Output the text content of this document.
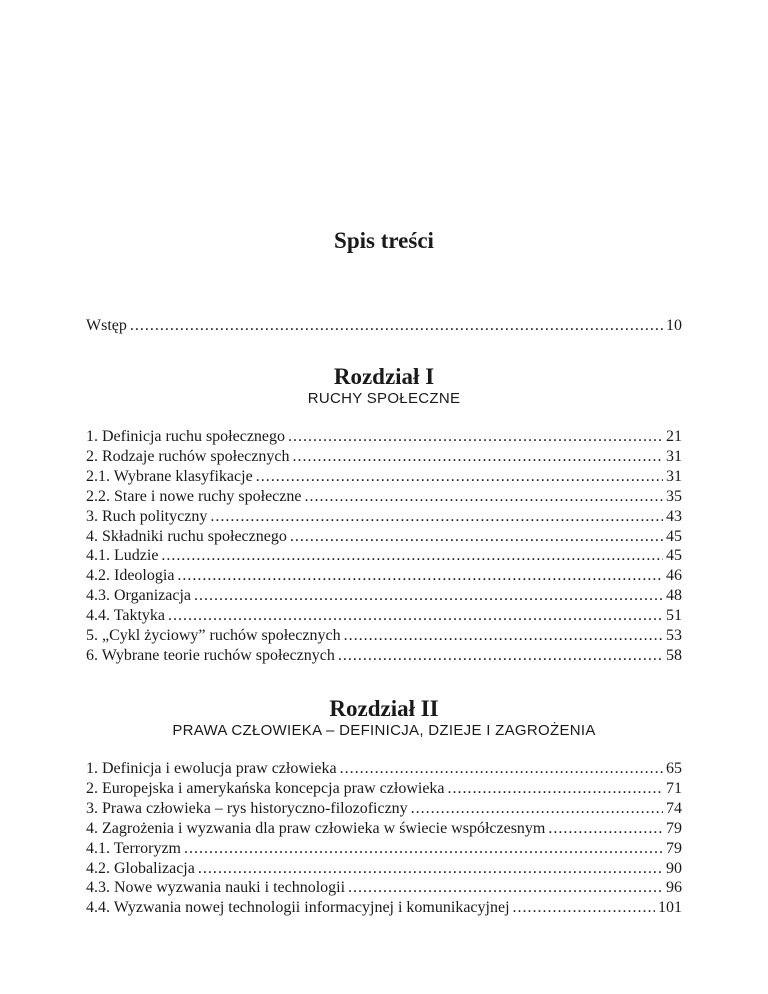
Spis treści
Wstęp .....	10
Rozdział I
RUCHY SPOŁECZNE
1. Definicja ruchu społecznego .....	21
2. Rodzaje ruchów społecznych .....	31
2.1. Wybrane klasyfikacje .....	31
2.2. Stare i nowe ruchy społeczne .....	35
3. Ruch polityczny .....	43
4. Składniki ruchu społecznego .....	45
4.1. Ludzie .....	45
4.2. Ideologia .....	46
4.3. Organizacja .....	48
4.4. Taktyka .....	51
5. „Cykl życiowy” ruchów społecznych .....	53
6. Wybrane teorie ruchów społecznych .....	58
Rozdział II
PRAWA CZŁOWIEKA – DEFINICJA, DZIEJE I ZAGROŻENIA
1. Definicja i ewolucja praw człowieka .....	65
2. Europejska i amerykańska koncepcja praw człowieka .....	71
3. Prawa człowieka – rys historyczno-filozoficzny .....	74
4. Zagrożenia i wyzwania dla praw człowieka w świecie współczesnym .....	79
4.1. Terroryzm .....	79
4.2. Globalizacja .....	90
4.3. Nowe wyzwania nauki i technologii .....	96
4.4. Wyzwania nowej technologii informacyjnej i komunikacyjnej .....	101
